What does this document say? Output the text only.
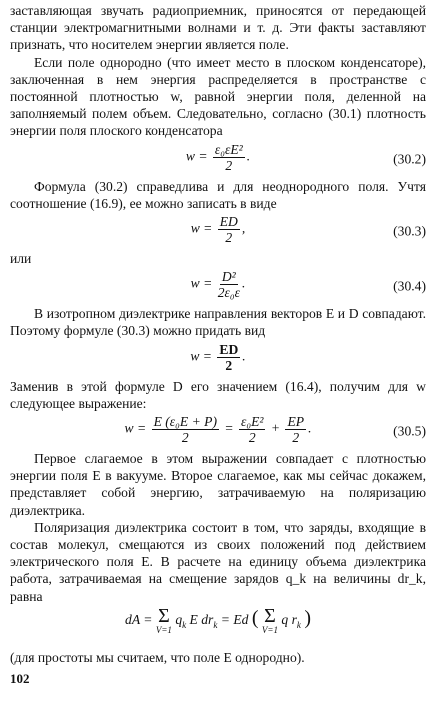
заставляющая звучать радиоприемник, приносятся от передающей станции электромагнитными волнами и т. д. Эти факты заставляют признать, что носителем энергии является поле.

Если поле однородно (что имеет место в плоском конденсаторе), заключенная в нем энергия распределяется в пространстве с постоянной плотностью w, равной энергии поля, деленной на заполняемый полем объем. Следовательно, согласно (30.1) плотность энергии поля плоского конденсатора

$w = \frac{\text{ε₀εE²}}{2}$ .	(30.2)

Формула (30.2) справедлива и для неоднородного поля. Учтя соотношение (16.9), ее можно записать в виде

$w = \frac{ED}{2}$ ,	(30.3)

или

$w = \frac{\text{D²}}{\text{2ε₀ε}}$ .	(30.4)

В изотропном диэлектрике направления векторов E и D совпадают. Поэтому формуле (30.3) можно придать вид

$w = \frac{ED}{2}$ .

Заменив в этой формуле D его значением (16.4), получим для w следующее выражение:

$w = \frac{\text{E (ε₀E + P)}}{2} = \frac{\text{ε₀E²}}{2} + \frac{EP}{2}$ .	(30.5)

Первое слагаемое в этом выражении совпадает с плотностью энергии поля E в вакууме. Второе слагаемое, как мы сейчас докажем, представляет собой энергию, затрачиваемую на поляризацию диэлектрика.

Поляризация диэлектрика состоит в том, что заряды, входящие в состав молекул, смещаются из своих положений под действием электрического поля E. В расчете на единицу объема диэлектрика работа, затрачиваемая на смещение зарядов q_k на величины dr_k, равна

dA = Σ
V=1
$q_k$ E $dr_k = Ed$ ( Σ
V=1
q $r_k$ )

(для простоты мы считаем, что поле E однородно).

102
